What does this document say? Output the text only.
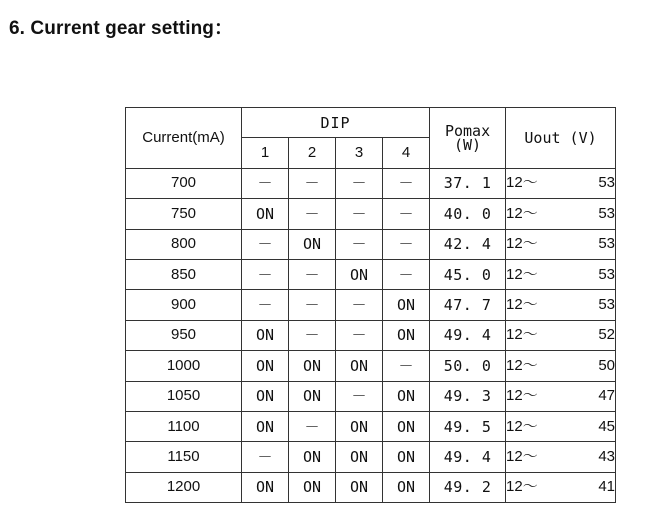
6. Current gear setting：
Current(mA)	DIP				Pomax (W)	Uout (V)
	1	2	3	4		
700	－	－	－	－	37. 1	12～ 53

750	ON	－	－	－	40. 0	12～ 53

800	－	ON	－	－	42. 4	12～ 53

850	－	－	ON	－	45. 0	12～ 53

900	－	－	－	ON	47. 7	12～ 53

950	ON	－	－	ON	49. 4	12～ 52

1000	ON	ON	ON	－	50. 0	12～ 50

1050	ON	ON	－	ON	49. 3	12～ 47

1100	ON	－	ON	ON	49. 5	12～ 45

1150	－	ON	ON	ON	49. 4	12～ 43

1200	ON	ON	ON	ON	49. 2	12～ 41
